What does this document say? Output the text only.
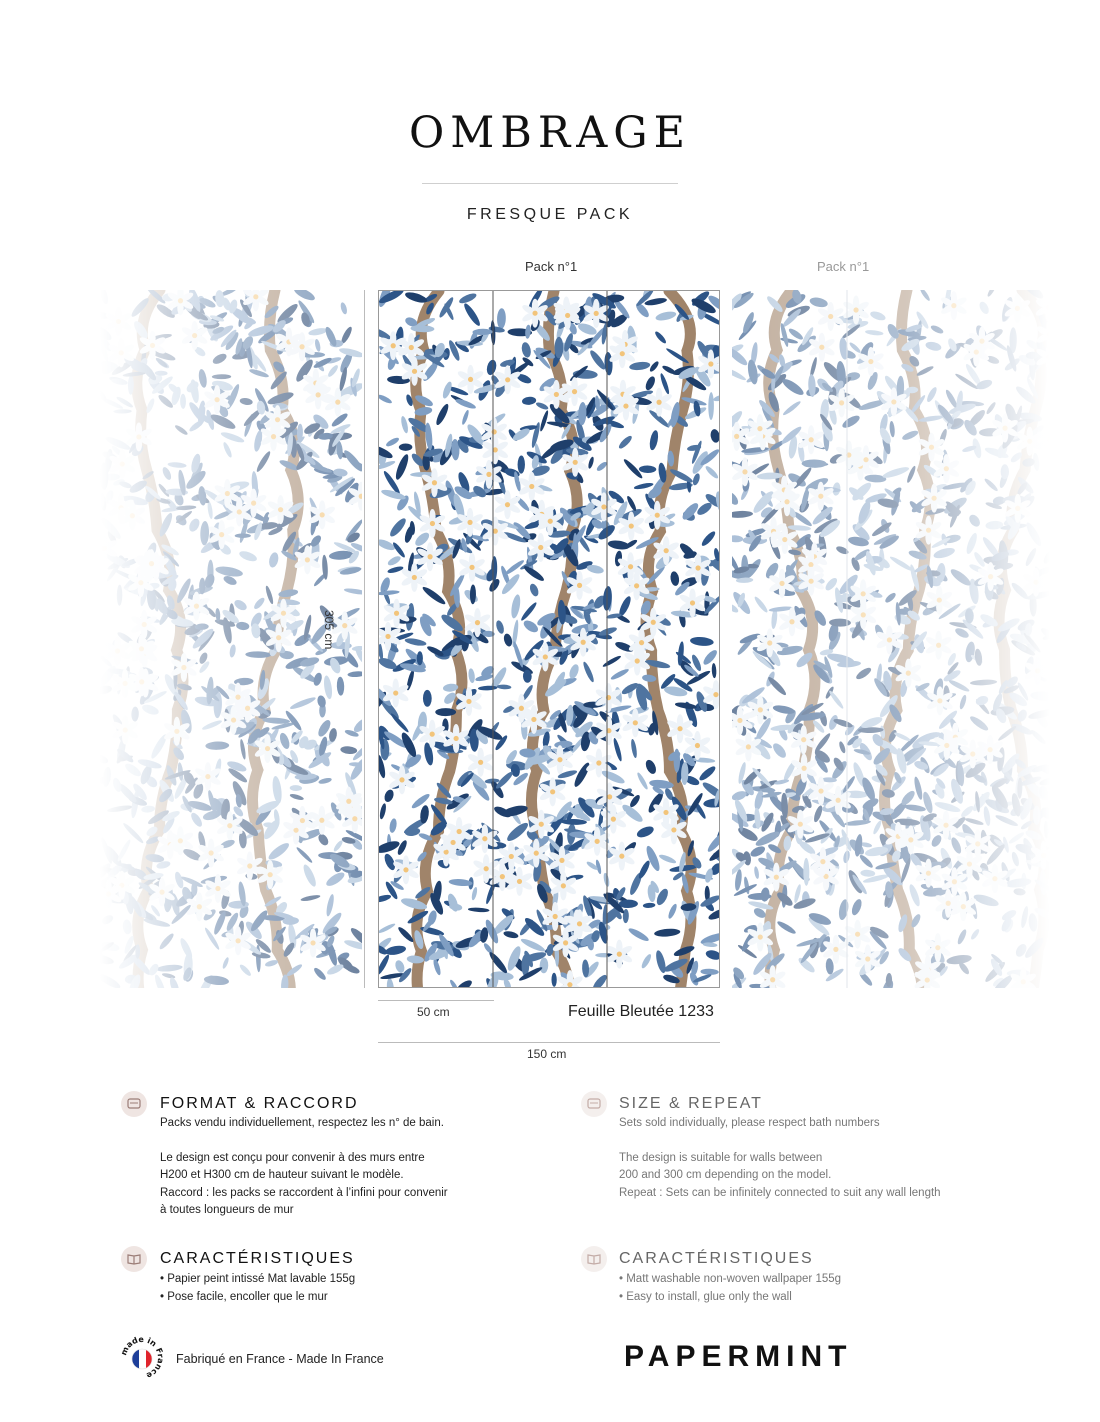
OMBRAGE
FRESQUE PACK
Pack n°1	Pack n°1
305 cm
50 cm	Feuille Bleutée 1233
150 cm
FORMAT & RACCORD
Packs vendu individuellement, respectez les n° de bain.
Le design est conçu pour convenir à des murs entre
H200 et H300 cm de hauteur suivant le modèle.
Raccord : les packs se raccordent à l’infini pour convenir
à toutes longueurs de mur
SIZE & REPEAT
Sets sold individually, please respect bath numbers
The design is suitable for walls between
200 and 300 cm depending on the model.
Repeat : Sets can be infinitely connected to suit any wall length
CARACTÉRISTIQUES
• Papier peint intissé Mat lavable 155g
• Pose facile, encoller que le mur
CARACTÉRISTIQUES
• Matt washable non-woven wallpaper 155g
• Easy to install, glue only the wall
made in France
Fabriqué en France - Made In France	PAPERMINT
